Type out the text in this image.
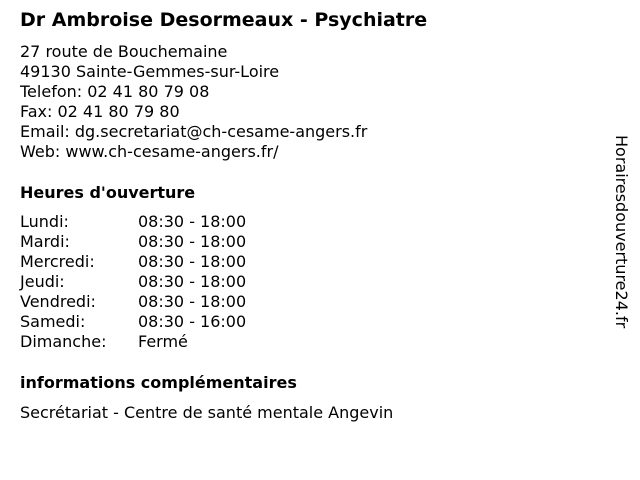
Dr Ambroise Desormeaux - Psychiatre
27 route de Bouchemaine
49130 Sainte-Gemmes-sur-Loire
Telefon: 02 41 80 79 08
Fax: 02 41 80 79 80
Email: dg.secretariat@ch-cesame-angers.fr
Web: www.ch-cesame-angers.fr/
Heures d'ouverture
Lundi:	08:30 - 18:00
Mardi:	08:30 - 18:00
Mercredi:	08:30 - 18:00
Jeudi:	08:30 - 18:00
Vendredi:	08:30 - 18:00
Samedi:	08:30 - 16:00
Dimanche:	Fermé
informations complémentaires
Secrétariat - Centre de santé mentale Angevin
Horairesdouverture24.fr
